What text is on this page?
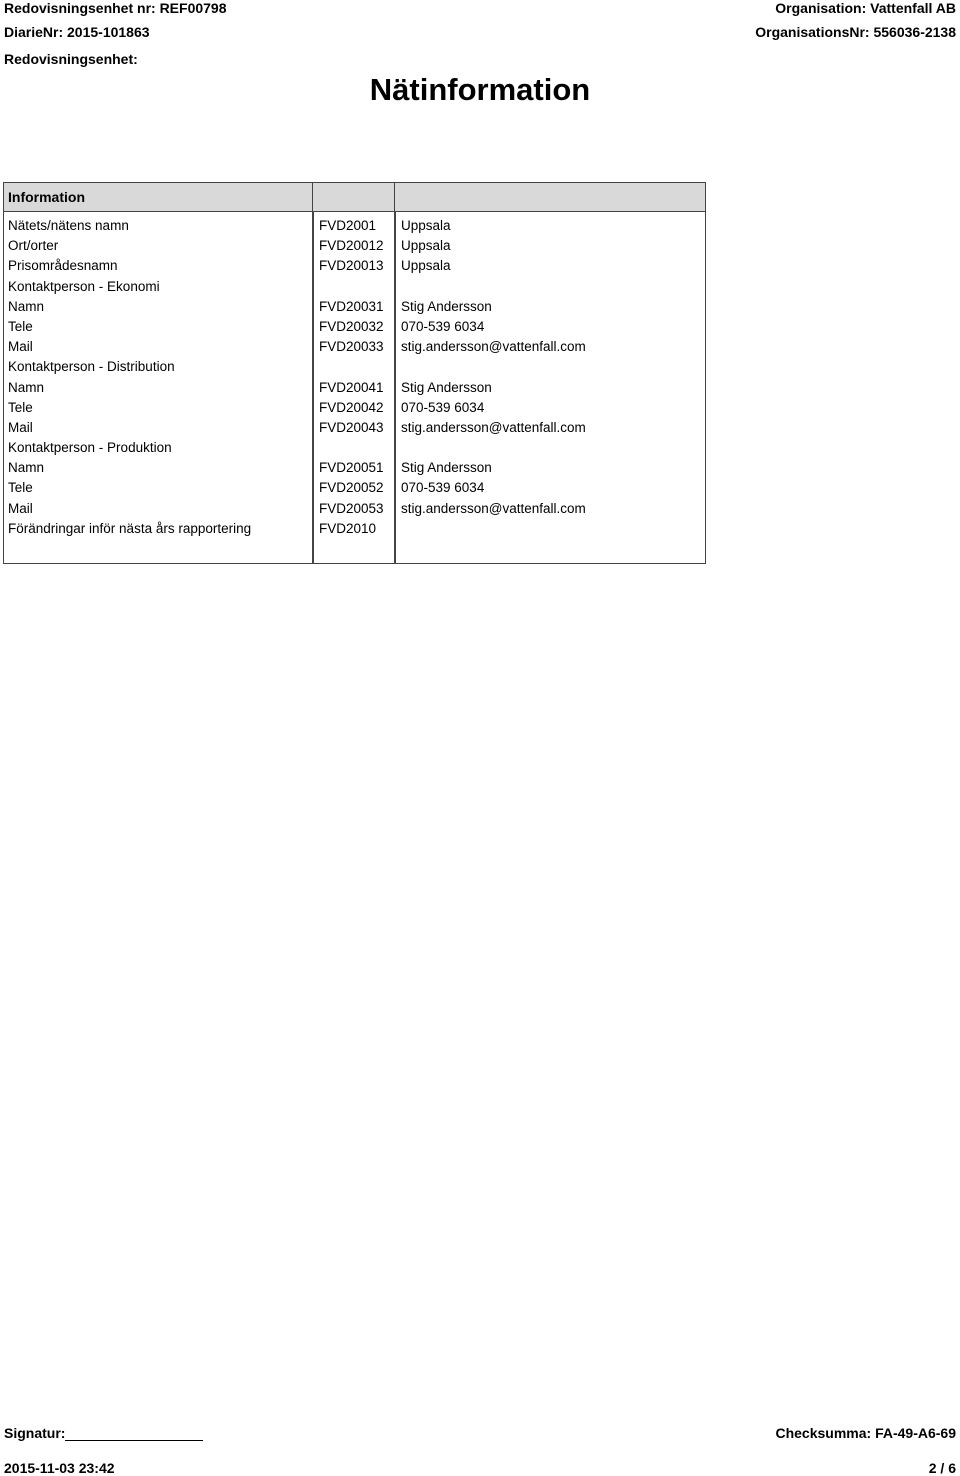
Redovisningsenhet nr: REF00798	Organisation: Vattenfall AB
DiarieNr: 2015-101863	OrganisationsNr: 556036-2138
Redovisningsenhet:
Nätinformation
Information
Nätets/nätens namn	FVD2001	Uppsala
Ort/orter	FVD20012	Uppsala
Prisområdesnamn	FVD20013	Uppsala
Kontaktperson - Ekonomi
Namn	FVD20031	Stig Andersson
Tele	FVD20032	070-539 6034
Mail	FVD20033	stig.andersson@vattenfall.com
Kontaktperson - Distribution
Namn	FVD20041	Stig Andersson
Tele	FVD20042	070-539 6034
Mail	FVD20043	stig.andersson@vattenfall.com
Kontaktperson - Produktion
Namn	FVD20051	Stig Andersson
Tele	FVD20052	070-539 6034
Mail	FVD20053	stig.andersson@vattenfall.com
Förändringar inför nästa års rapportering	FVD2010
Signatur:	Checksumma: FA-49-A6-69
2015-11-03 23:42	2 / 6
